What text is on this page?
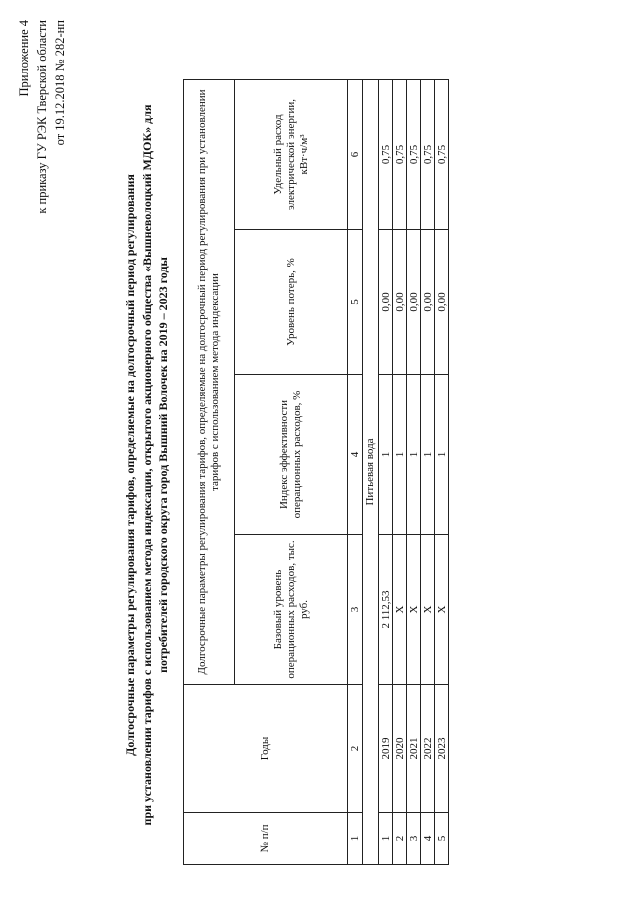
Приложение 4 к приказу ГУ РЭК Тверской области от 19.12.2018 № 282-нп
Долгосрочные параметры регулирования тарифов, определяемые на долгосрочный период регулирования при установлении тарифов с использованием метода индексации, открытого акционерного общества «Вышневолоцкий МДОК» для потребителей городского округа город Вышний Волочек на 2019 – 2023 годы
№ п/п	Годы	Долгосрочные параметры регулирования тарифов, определяемые на долгосрочный период регулирования при установлении тарифов с использованием метода индексации			
		Базовый уровень операционных расходов, тыс. руб.	Индекс эффективности операционных расходов, %	Уровень потерь, %	Удельный расход электрической энергии, кВт·ч/м³
1	2	3	4	5	6
Питьевая вода					
1	2019	2 112,53	1	0,00	0,75
2	2020	Х	1	0,00	0,75
3	2021	Х	1	0,00	0,75
4	2022	Х	1	0,00	0,75
5	2023	Х	1	0,00	0,75
